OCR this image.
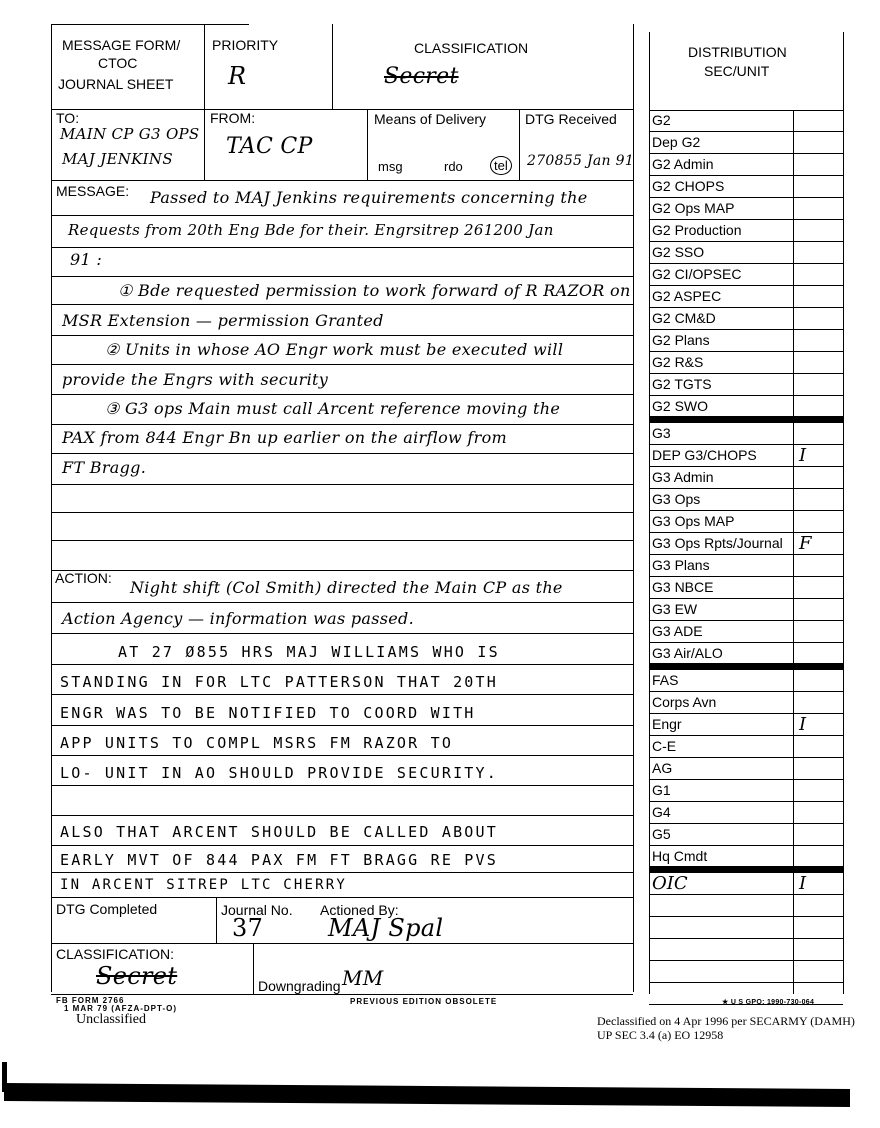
MESSAGE FORM/
CTOC
JOURNAL SHEET
PRIORITY
R
CLASSIFICATION
Secret
TO:
MAIN CP G3 OPS
MAJ JENKINS
FROM:
TAC CP
Means of Delivery
msg	rdo	tel
DTG Received
270855 Jan 91
MESSAGE: Passed to MAJ Jenkins requirements concerning the
Requests from 20th Eng Bde for their. Engrsitrep 261200 Jan
91 :
① Bde requested permission to work forward of R RAZOR on
MSR Extension — permission Granted
② Units in whose AO Engr work must be executed will
provide the Engrs with security
③ G3 ops Main must call Arcent reference moving the
PAX from 844 Engr Bn up earlier on the airflow from
FT Bragg.
ACTION: Night shift (Col Smith) directed the Main CP as the
Action Agency — information was passed.
AT 27 Ø855 HRS MAJ WILLIAMS WHO IS
STANDING IN FOR LTC PATTERSON THAT 20TH
ENGR WAS TO BE NOTIFIED TO COORD WITH
APP UNITS TO COMPL MSRS FM RAZOR TO
LO- UNIT IN AO SHOULD PROVIDE SECURITY.
ALSO THAT ARCENT SHOULD BE CALLED ABOUT
EARLY MVT OF 844 PAX FM FT BRAGG RE PVS
IN ARCENT SITREP LTC CHERRY
DTG Completed	Journal No.
37
Actioned By:
MAJ Spal
CLASSIFICATION:
Secret	Downgrading MM
DISTRIBUTION
SEC/UNIT
G2
Dep G2
G2 Admin
G2 CHOPS
G2 Ops MAP
G2 Production
G2 SSO
G2 CI/OPSEC
G2 ASPEC
G2 CM&D
G2 Plans
G2 R&S
G2 TGTS
G2 SWO
G3
DEP G3/CHOPS I
G3 Admin
G3 Ops
G3 Ops MAP
G3 Ops Rpts/Journal F
G3 Plans
G3 NBCE
G3 EW
G3 ADE
G3 Air/ALO
FAS
Corps Avn
Engr	I
C-E
AG
G1
G4
G5
Hq Cmdt
OIC	I
FB FORM 2766
1 MAR 79 (AFZA-DPT-O)
Unclassified
PREVIOUS EDITION OBSOLETE	★ U S GPO: 1990-730-064
Declassified on 4 Apr 1996 per SECARMY (DAMH)
UP SEC 3.4 (a) EO 12958
